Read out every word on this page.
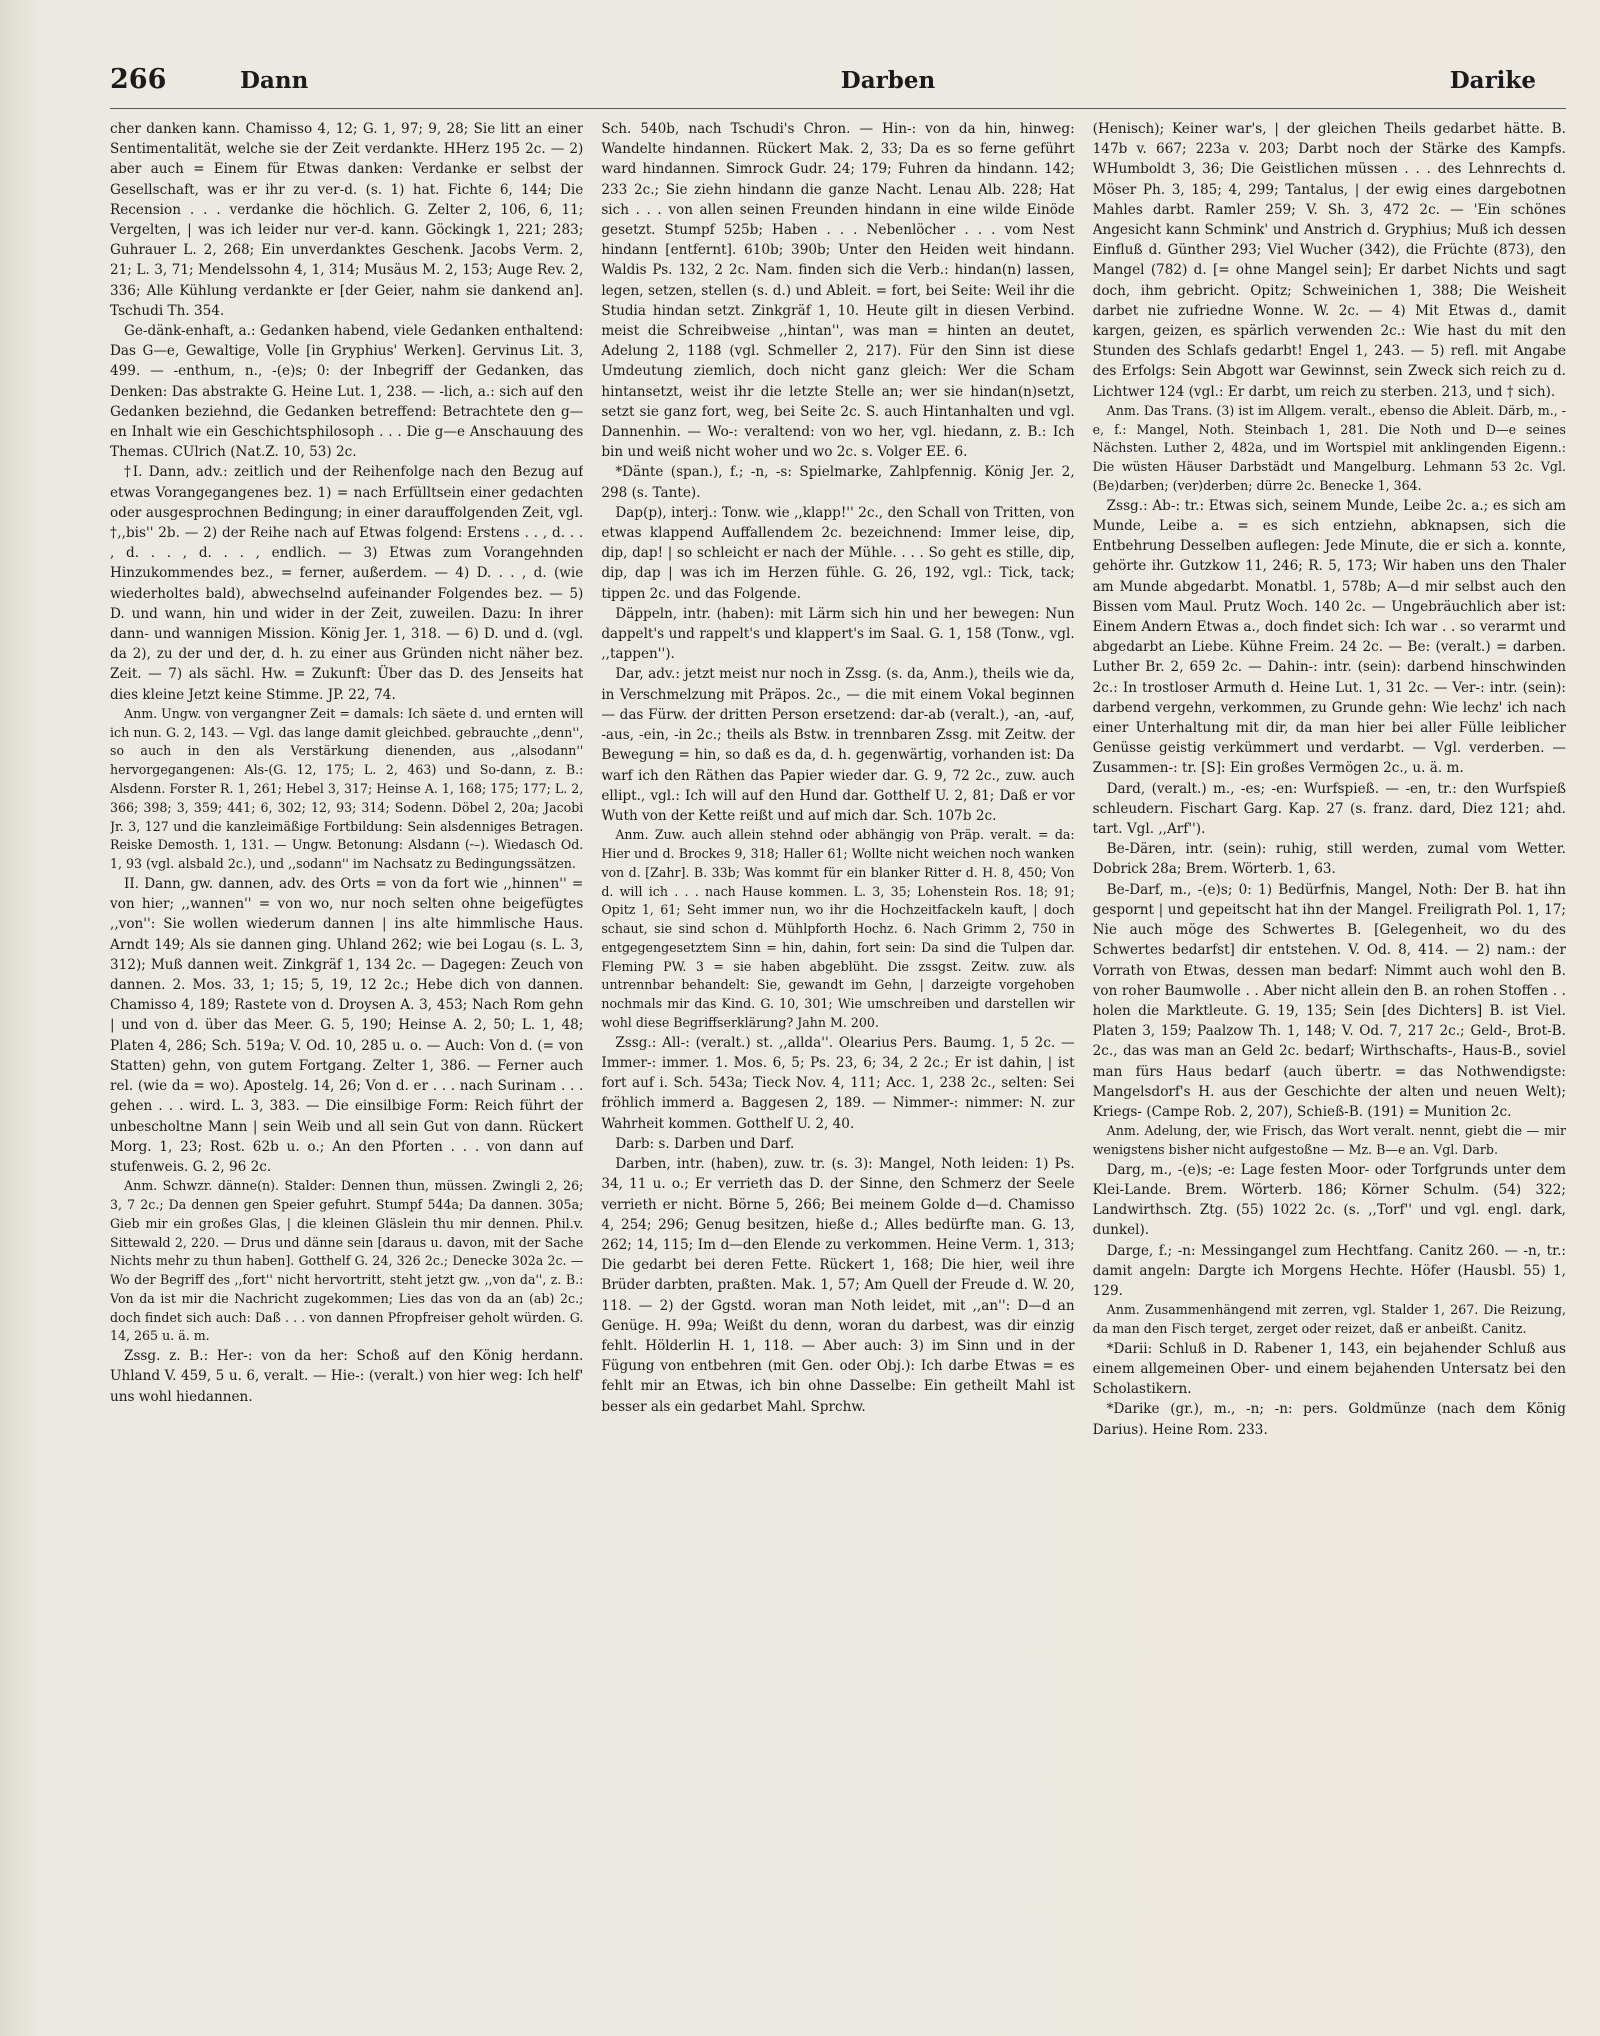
266	Dann	Darben	Darike

cher danken kann. Chamisso 4, 12; G. 1, 97; 9, 28; Sie litt an einer Sentimentalität, welche sie der Zeit verdankte. HHerz 195 2c. — 2) aber auch = Einem für Etwas danken: Verdanke er selbst der Gesellschaft, was er ihr zu ver-d. (s. 1) hat. Fichte 6, 144; Die Recension . . . verdanke die höchlich. G. Zelter 2, 106, 6, 11; Vergelten, | was ich leider nur ver-d. kann. Göckingk 1, 221; 283; Guhrauer L. 2, 268; Ein unverdanktes Geschenk. Jacobs Verm. 2, 21; L. 3, 71; Mendelssohn 4, 1, 314; Musäus M. 2, 153; Auge Rev. 2, 336; Alle Kühlung verdankte er [der Geier, nahm sie dankend an]. Tschudi Th. 354.

Ge-dänk-enhaft, a.: Gedanken habend, viele Gedanken enthaltend: Das G—e, Gewaltige, Volle [in Gryphius' Werken]. Gervinus Lit. 3, 499. — -enthum, n., -(e)s; 0: der Inbegriff der Gedanken, das Denken: Das abstrakte G. Heine Lut. 1, 238. — -lich, a.: sich auf den Gedanken beziehnd, die Gedanken betreffend: Betrachtete den g—en Inhalt wie ein Geschichtsphilosoph . . . Die g—e Anschauung des Themas. CUlrich (Nat.Z. 10, 53) 2c.

†I. Dann, adv.: zeitlich und der Reihenfolge nach den Bezug auf etwas Vorangegangenes bez. 1) = nach Erfülltsein einer gedachten oder ausgesprochnen Bedingung; in einer darauffolgenden Zeit, vgl. †,,bis'' 2b. — 2) der Reihe nach auf Etwas folgend: Erstens . . , d. . . , d. . . , d. . . , endlich. — 3) Etwas zum Vorangehnden Hinzukommendes bez., = ferner, außerdem. — 4) D. . . , d. (wie wiederholtes bald), abwechselnd aufeinander Folgendes bez. — 5) D. und wann, hin und wider in der Zeit, zuweilen. Dazu: In ihrer dann- und wannigen Mission. König Jer. 1, 318. — 6) D. und d. (vgl. da 2), zu der und der, d. h. zu einer aus Gründen nicht näher bez. Zeit. — 7) als sächl. Hw. = Zukunft: Über das D. des Jenseits hat dies kleine Jetzt keine Stimme. JP. 22, 74.

Anm. Ungw. von vergangner Zeit = damals: Ich säete d. und ernten will ich nun. G. 2, 143. — Vgl. das lange damit gleichbed. gebrauchte ,,denn'', so auch in den als Verstärkung dienenden, aus ,,alsodann'' hervorgegangenen: Als-(G. 12, 175; L. 2, 463) und So-dann, z. B.: Alsdenn. Forster R. 1, 261; Hebel 3, 317; Heinse A. 1, 168; 175; 177; L. 2, 366; 398; 3, 359; 441; 6, 302; 12, 93; 314; Sodenn. Döbel 2, 20a; Jacobi Jr. 3, 127 und die kanzleimäßige Fortbildung: Sein alsdenniges Betragen. Reiske Demosth. 1, 131. — Ungw. Betonung: Alsdann (⏑–). Wiedasch Od. 1, 93 (vgl. alsbald 2c.), und ,,sodann'' im Nachsatz zu Bedingungssätzen.

II. Dann, gw. dannen, adv. des Orts = von da fort wie ,,hinnen'' = von hier; ,,wannen'' = von wo, nur noch selten ohne beigefügtes ,,von'': Sie wollen wiederum dannen | ins alte himmlische Haus. Arndt 149; Als sie dannen ging. Uhland 262; wie bei Logau (s. L. 3, 312); Muß dannen weit. Zinkgräf 1, 134 2c. — Dagegen: Zeuch von dannen. 2. Mos. 33, 1; 15; 5, 19, 12 2c.; Hebe dich von dannen. Chamisso 4, 189; Rastete von d. Droysen A. 3, 453; Nach Rom gehn | und von d. über das Meer. G. 5, 190; Heinse A. 2, 50; L. 1, 48; Platen 4, 286; Sch. 519a; V. Od. 10, 285 u. o. — Auch: Von d. (= von Statten) gehn, von gutem Fortgang. Zelter 1, 386. — Ferner auch rel. (wie da = wo). Apostelg. 14, 26; Von d. er . . . nach Surinam . . . gehen . . . wird. L. 3, 383. — Die einsilbige Form: Reich führt der unbescholtne Mann | sein Weib und all sein Gut von dann. Rückert Morg. 1, 23; Rost. 62b u. o.; An den Pforten . . . von dann auf stufenweis. G. 2, 96 2c.

Anm. Schwzr. dänne(n). Stalder: Dennen thun, müssen. Zwingli 2, 26; 3, 7 2c.; Da dennen gen Speier gefuhrt. Stumpf 544a; Da dannen. 305a; Gieb mir ein großes Glas, | die kleinen Gläslein thu mir dennen. Phil.v. Sittewald 2, 220. — Drus und dänne sein [daraus u. davon, mit der Sache Nichts mehr zu thun haben]. Gotthelf G. 24, 326 2c.; Denecke 302a 2c. — Wo der Begriff des ,,fort'' nicht hervortritt, steht jetzt gw. ,,von da'', z. B.: Von da ist mir die Nachricht zugekommen; Lies das von da an (ab) 2c.; doch findet sich auch: Daß . . . von dannen Pfropfreiser geholt würden. G. 14, 265 u. ä. m.

Zssg. z. B.: Her-: von da her: Schoß auf den König herdann. Uhland V. 459, 5 u. 6, veralt. — Hie-: (veralt.) von hier weg: Ich helf' uns wohl hiedannen.

Sch. 540b, nach Tschudi's Chron. — Hin-: von da hin, hinweg: Wandelte hindannen. Rückert Mak. 2, 33; Da es so ferne geführt ward hindannen. Simrock Gudr. 24; 179; Fuhren da hindann. 142; 233 2c.; Sie ziehn hindann die ganze Nacht. Lenau Alb. 228; Hat sich . . . von allen seinen Freunden hindann in eine wilde Einöde gesetzt. Stumpf 525b; Haben . . . Nebenlöcher . . . vom Nest hindann [entfernt]. 610b; 390b; Unter den Heiden weit hindann. Waldis Ps. 132, 2 2c. Nam. finden sich die Verb.: hindan(n) lassen, legen, setzen, stellen (s. d.) und Ableit. = fort, bei Seite: Weil ihr die Studia hindan setzt. Zinkgräf 1, 10. Heute gilt in diesen Verbind. meist die Schreibweise ,,hintan'', was man = hinten an deutet, Adelung 2, 1188 (vgl. Schmeller 2, 217). Für den Sinn ist diese Umdeutung ziemlich, doch nicht ganz gleich: Wer die Scham hintansetzt, weist ihr die letzte Stelle an; wer sie hindan(n)setzt, setzt sie ganz fort, weg, bei Seite 2c. S. auch Hintanhalten und vgl. Dannenhin. — Wo-: veraltend: von wo her, vgl. hiedann, z. B.: Ich bin und weiß nicht woher und wo 2c. s. Volger EE. 6.

*Dänte (span.), f.; -n, -s: Spielmarke, Zahlpfennig. König Jer. 2, 298 (s. Tante).

Dap(p), interj.: Tonw. wie ,,klapp!'' 2c., den Schall von Tritten, von etwas klappend Auffallendem 2c. bezeichnend: Immer leise, dip, dip, dap! | so schleicht er nach der Mühle. . . . So geht es stille, dip, dip, dap | was ich im Herzen fühle. G. 26, 192, vgl.: Tick, tack; tippen 2c. und das Folgende.

Däppeln, intr. (haben): mit Lärm sich hin und her bewegen: Nun dappelt's und rappelt's und klappert's im Saal. G. 1, 158 (Tonw., vgl. ,,tappen'').

Dar, adv.: jetzt meist nur noch in Zssg. (s. da, Anm.), theils wie da, in Verschmelzung mit Präpos. 2c., — die mit einem Vokal beginnen — das Fürw. der dritten Person ersetzend: dar-ab (veralt.), -an, -auf, -aus, -ein, -in 2c.; theils als Bstw. in trennbaren Zssg. mit Zeitw. der Bewegung = hin, so daß es da, d. h. gegenwärtig, vorhanden ist: Da warf ich den Räthen das Papier wieder dar. G. 9, 72 2c., zuw. auch ellipt., vgl.: Ich will auf den Hund dar. Gotthelf U. 2, 81; Daß er vor Wuth von der Kette reißt und auf mich dar. Sch. 107b 2c.

Anm. Zuw. auch allein stehnd oder abhängig von Präp. veralt. = da: Hier und d. Brockes 9, 318; Haller 61; Wollte nicht weichen noch wanken von d. [Zahr]. B. 33b; Was kommt für ein blanker Ritter d. H. 8, 450; Von d. will ich . . . nach Hause kommen. L. 3, 35; Lohenstein Ros. 18; 91; Opitz 1, 61; Seht immer nun, wo ihr die Hochzeitfackeln kauft, | doch schaut, sie sind schon d. Mühlpforth Hochz. 6. Nach Grimm 2, 750 in entgegengesetztem Sinn = hin, dahin, fort sein: Da sind die Tulpen dar. Fleming PW. 3 = sie haben abgeblüht. Die zssgst. Zeitw. zuw. als untrennbar behandelt: Sie, gewandt im Gehn, | darzeigte vorgehoben nochmals mir das Kind. G. 10, 301; Wie umschreiben und darstellen wir wohl diese Begriffserklärung? Jahn M. 200.

Zssg.: All-: (veralt.) st. ,,allda''. Olearius Pers. Baumg. 1, 5 2c. — Immer-: immer. 1. Mos. 6, 5; Ps. 23, 6; 34, 2 2c.; Er ist dahin, | ist fort auf i. Sch. 543a; Tieck Nov. 4, 111; Acc. 1, 238 2c., selten: Sei fröhlich immerd a. Baggesen 2, 189. — Nimmer-: nimmer: N. zur Wahrheit kommen. Gotthelf U. 2, 40.

Darb: s. Darben und Darf.

Darben, intr. (haben), zuw. tr. (s. 3): Mangel, Noth leiden: 1) Ps. 34, 11 u. o.; Er verrieth das D. der Sinne, den Schmerz der Seele verrieth er nicht. Börne 5, 266; Bei meinem Golde d—d. Chamisso 4, 254; 296; Genug besitzen, hieße d.; Alles bedürfte man. G. 13, 262; 14, 115; Im d—den Elende zu verkommen. Heine Verm. 1, 313; Die gedarbt bei deren Fette. Rückert 1, 168; Die hier, weil ihre Brüder darbten, praßten. Mak. 1, 57; Am Quell der Freude d. W. 20, 118. — 2) der Ggstd. woran man Noth leidet, mit ,,an'': D—d an Genüge. H. 99a; Weißt du denn, woran du darbest, was dir einzig fehlt. Hölderlin H. 1, 118. — Aber auch: 3) im Sinn und in der Fügung von entbehren (mit Gen. oder Obj.): Ich darbe Etwas = es fehlt mir an Etwas, ich bin ohne Dasselbe: Ein getheilt Mahl ist besser als ein gedarbet Mahl. Sprchw.

(Henisch); Keiner war's, | der gleichen Theils gedarbet hätte. B. 147b v. 667; 223a v. 203; Darbt noch der Stärke des Kampfs. WHumboldt 3, 36; Die Geistlichen müssen . . . des Lehnrechts d. Möser Ph. 3, 185; 4, 299; Tantalus, | der ewig eines dargebotnen Mahles darbt. Ramler 259; V. Sh. 3, 472 2c. — 'Ein schönes Angesicht kann Schmink' und Anstrich d. Gryphius; Muß ich dessen Einfluß d. Günther 293; Viel Wucher (342), die Früchte (873), den Mangel (782) d. [= ohne Mangel sein]; Er darbet Nichts und sagt doch, ihm gebricht. Opitz; Schweinichen 1, 388; Die Weisheit darbet nie zufriedne Wonne. W. 2c. — 4) Mit Etwas d., damit kargen, geizen, es spärlich verwenden 2c.: Wie hast du mit den Stunden des Schlafs gedarbt! Engel 1, 243. — 5) refl. mit Angabe des Erfolgs: Sein Abgott war Gewinnst, sein Zweck sich reich zu d. Lichtwer 124 (vgl.: Er darbt, um reich zu sterben. 213, und † sich).

Anm. Das Trans. (3) ist im Allgem. veralt., ebenso die Ableit. Därb, m., -e, f.: Mangel, Noth. Steinbach 1, 281. Die Noth und D—e seines Nächsten. Luther 2, 482a, und im Wortspiel mit anklingenden Eigenn.: Die wüsten Häuser Darbstädt und Mangelburg. Lehmann 53 2c. Vgl. (Be)darben; (ver)derben; dürre 2c. Benecke 1, 364.

Zssg.: Ab-: tr.: Etwas sich, seinem Munde, Leibe 2c. a.; es sich am Munde, Leibe a. = es sich entziehn, abknapsen, sich die Entbehrung Desselben auflegen: Jede Minute, die er sich a. konnte, gehörte ihr. Gutzkow 11, 246; R. 5, 173; Wir haben uns den Thaler am Munde abgedarbt. Monatbl. 1, 578b; A—d mir selbst auch den Bissen vom Maul. Prutz Woch. 140 2c. — Ungebräuchlich aber ist: Einem Andern Etwas a., doch findet sich: Ich war . . so verarmt und abgedarbt an Liebe. Kühne Freim. 24 2c. — Be: (veralt.) = darben. Luther Br. 2, 659 2c. — Dahin-: intr. (sein): darbend hinschwinden 2c.: In trostloser Armuth d. Heine Lut. 1, 31 2c. — Ver-: intr. (sein): darbend vergehn, verkommen, zu Grunde gehn: Wie lechz' ich nach einer Unterhaltung mit dir, da man hier bei aller Fülle leiblicher Genüsse geistig verkümmert und verdarbt. — Vgl. verderben. — Zusammen-: tr. [S]: Ein großes Vermögen 2c., u. ä. m.

Dard, (veralt.) m., -es; -en: Wurfspieß. — -en, tr.: den Wurfspieß schleudern. Fischart Garg. Kap. 27 (s. franz. dard, Diez 121; ahd. tart. Vgl. ,,Arf'').

Be-Dären, intr. (sein): ruhig, still werden, zumal vom Wetter. Dobrick 28a; Brem. Wörterb. 1, 63.

Be-Darf, m., -(e)s; 0: 1) Bedürfnis, Mangel, Noth: Der B. hat ihn gespornt | und gepeitscht hat ihn der Mangel. Freiligrath Pol. 1, 17; Nie auch möge des Schwertes B. [Gelegenheit, wo du des Schwertes bedarfst] dir entstehen. V. Od. 8, 414. — 2) nam.: der Vorrath von Etwas, dessen man bedarf: Nimmt auch wohl den B. von roher Baumwolle . . Aber nicht allein den B. an rohen Stoffen . . holen die Marktleute. G. 19, 135; Sein [des Dichters] B. ist Viel. Platen 3, 159; Paalzow Th. 1, 148; V. Od. 7, 217 2c.; Geld-, Brot-B. 2c., das was man an Geld 2c. bedarf; Wirthschafts-, Haus-B., soviel man fürs Haus bedarf (auch übertr. = das Nothwendigste: Mangelsdorf's H. aus der Geschichte der alten und neuen Welt); Kriegs- (Campe Rob. 2, 207), Schieß-B. (191) = Munition 2c.

Anm. Adelung, der, wie Frisch, das Wort veralt. nennt, giebt die — mir wenigstens bisher nicht aufgestoßne — Mz. B—e an. Vgl. Darb.

Darg, m., -(e)s; -e: Lage festen Moor- oder Torfgrunds unter dem Klei-Lande. Brem. Wörterb. 186; Körner Schulm. (54) 322; Landwirthsch. Ztg. (55) 1022 2c. (s. ,,Torf'' und vgl. engl. dark, dunkel).

Darge, f.; -n: Messingangel zum Hechtfang. Canitz 260. — -n, tr.: damit angeln: Dargte ich Morgens Hechte. Höfer (Hausbl. 55) 1, 129.

Anm. Zusammenhängend mit zerren, vgl. Stalder 1, 267. Die Reizung, da man den Fisch terget, zerget oder reizet, daß er anbeißt. Canitz.

*Darii: Schluß in D. Rabener 1, 143, ein bejahender Schluß aus einem allgemeinen Ober- und einem bejahenden Untersatz bei den Scholastikern.

*Darike (gr.), m., -n; -n: pers. Goldmünze (nach dem König Darius). Heine Rom. 233.
